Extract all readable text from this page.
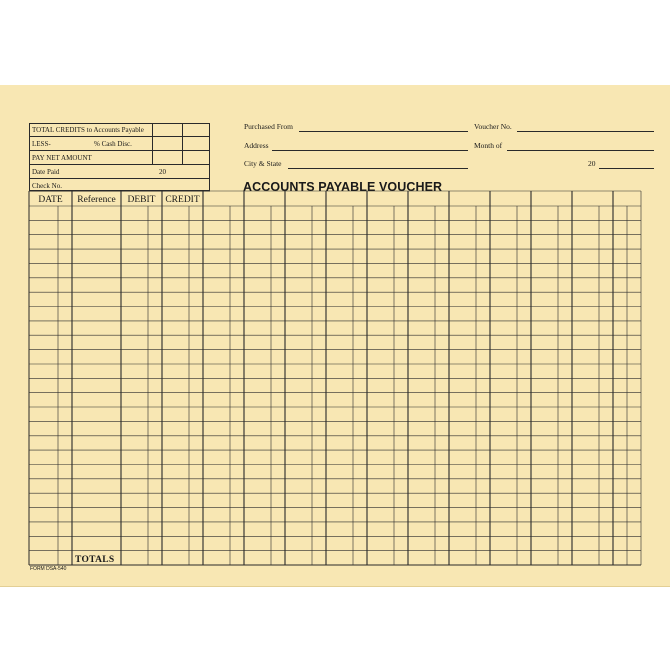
TOTAL CREDITS to Accounts Payable
LESS-	% Cash Disc.
PAY NET AMOUNT
Date Paid	20
Check No.
Purchased From	Voucher No.
Address	Month of
City & State	20
ACCOUNTS PAYABLE VOUCHER
DATE	Reference	DEBIT	CREDIT
TOTALS
FORM DSA-540
